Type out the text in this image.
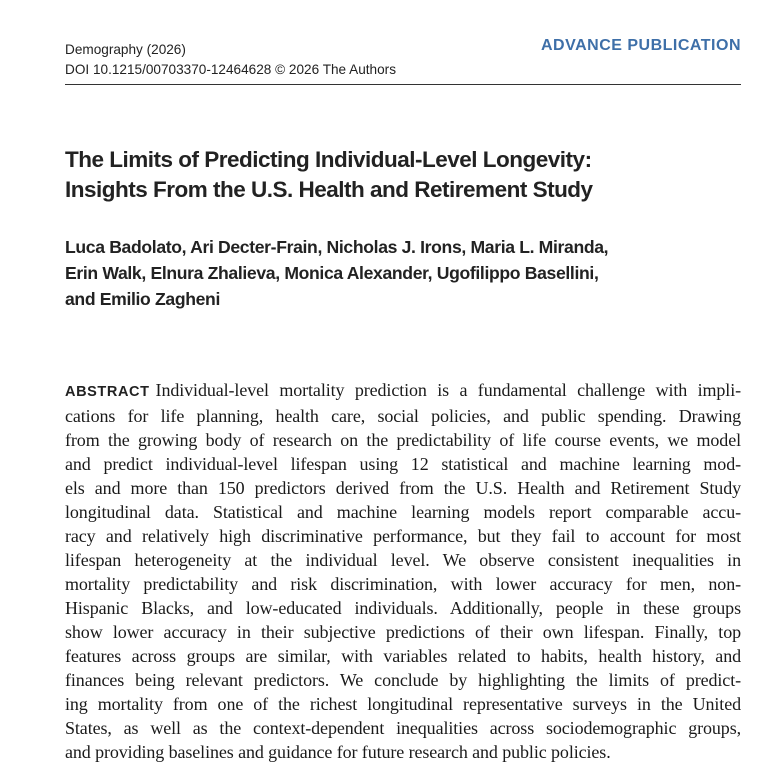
Demography (2026)
DOI 10.1215/00703370-12464628 © 2026 The Authors
ADVANCE PUBLICATION
The Limits of Predicting Individual-Level Longevity:
Insights From the U.S. Health and Retirement Study
Luca Badolato, Ari Decter-Frain, Nicholas J. Irons, Maria L. Miranda,
Erin Walk, Elnura Zhalieva, Monica Alexander, Ugofilippo Basellini,
and Emilio Zagheni
ABSTRACT Individual-level mortality prediction is a fundamental challenge with impli-
cations for life planning, health care, social policies, and public spending. Drawing
from the growing body of research on the predictability of life course events, we model
and predict individual-level lifespan using 12 statistical and machine learning mod-
els and more than 150 predictors derived from the U.S. Health and Retirement Study
longitudinal data. Statistical and machine learning models report comparable accu-
racy and relatively high discriminative performance, but they fail to account for most
lifespan heterogeneity at the individual level. We observe consistent inequalities in
mortality predictability and risk discrimination, with lower accuracy for men, non-
Hispanic Blacks, and low-educated individuals. Additionally, people in these groups
show lower accuracy in their subjective predictions of their own lifespan. Finally, top
features across groups are similar, with variables related to habits, health history, and
finances being relevant predictors. We conclude by highlighting the limits of predict-
ing mortality from one of the richest longitudinal representative surveys in the United
States, as well as the context-dependent inequalities across sociodemographic groups,
and providing baselines and guidance for future research and public policies.
